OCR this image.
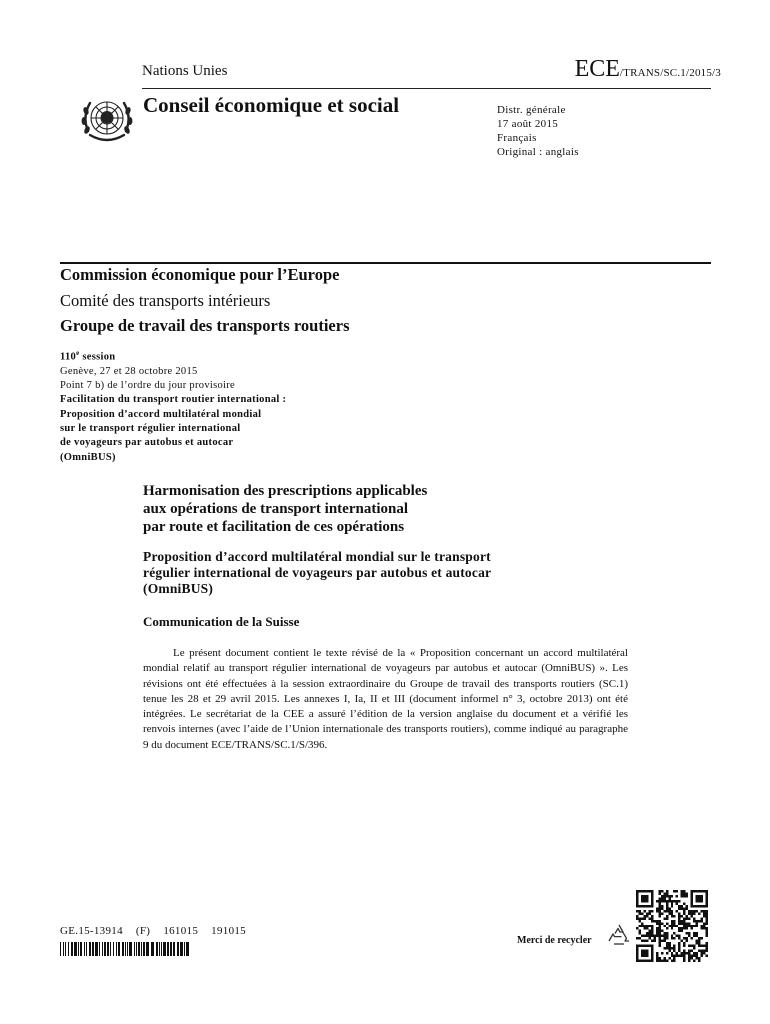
Nations Unies	ECE/TRANS/SC.1/2015/3
Conseil économique et social	Distr. générale
17 août 2015
Français
Original : anglais
Commission économique pour l’Europe
Comité des transports intérieurs
Groupe de travail des transports routiers
110e session
Genève, 27 et 28 octobre 2015
Point 7 b) de l’ordre du jour provisoire
Facilitation du transport routier international :
Proposition d’accord multilatéral mondial
sur le transport régulier international
de voyageurs par autobus et autocar
(OmniBUS)
Harmonisation des prescriptions applicables
aux opérations de transport international
par route et facilitation de ces opérations
Proposition d’accord multilatéral mondial sur le transport
régulier international de voyageurs par autobus et autocar
(OmniBUS)
Communication de la Suisse
Le présent document contient le texte révisé de la « Proposition concernant un accord multilatéral mondial relatif au transport régulier international de voyageurs par autobus et autocar (OmniBUS) ». Les révisions ont été effectuées à la session extraordinaire du Groupe de travail des transports routiers (SC.1) tenue les 28 et 29 avril 2015. Les annexes I, Ia, II et III (document informel n° 3, octobre 2013) ont été intégrées. Le secrétariat de la CEE a assuré l’édition de la version anglaise du document et a vérifié les renvois internes (avec l’aide de l’Union internationale des transports routiers), comme indiqué au paragraphe 9 du document ECE/TRANS/SC.1/S/396.
GE.15-13914 (F) 161015 191015
Merci de recycler
